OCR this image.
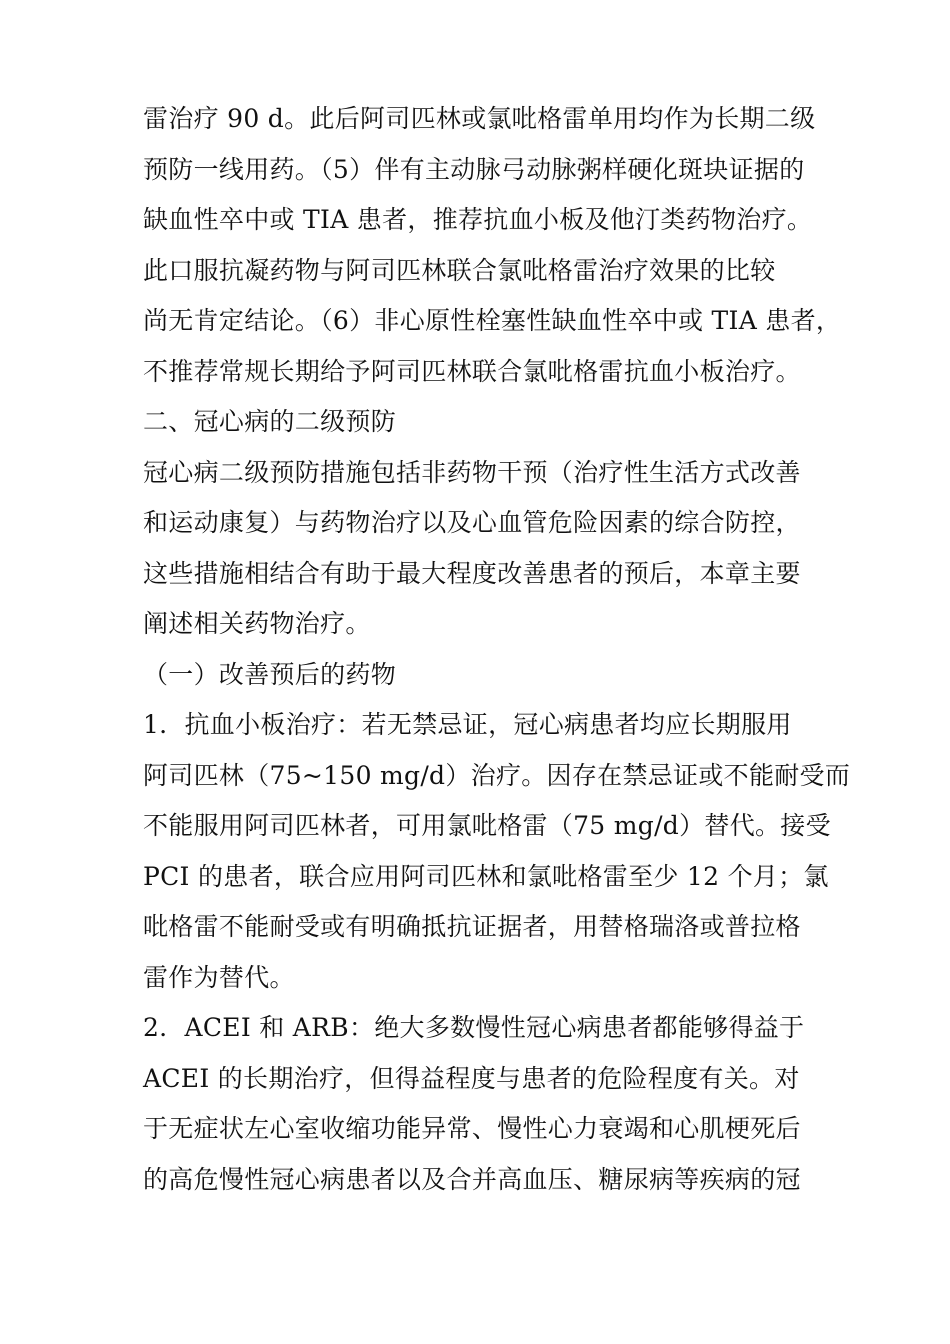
雷治疗 90 d。此后阿司匹林或氯吡格雷单用均作为长期二级
预防一线用药。（5）伴有主动脉弓动脉粥样硬化斑块证据的
缺血性卒中或 TIA 患者，推荐抗血小板及他汀类药物治疗。
此口服抗凝药物与阿司匹林联合氯吡格雷治疗效果的比较
尚无肯定结论。（6）非心原性栓塞性缺血性卒中或 TIA 患者，
不推荐常规长期给予阿司匹林联合氯吡格雷抗血小板治疗。
二、冠心病的二级预防
冠心病二级预防措施包括非药物干预（治疗性生活方式改善
和运动康复）与药物治疗以及心血管危险因素的综合防控，
这些措施相结合有助于最大程度改善患者的预后，本章主要
阐述相关药物治疗。
（一）改善预后的药物
1．抗血小板治疗：若无禁忌证，冠心病患者均应长期服用
阿司匹林（75~150 mg/d）治疗。因存在禁忌证或不能耐受而
不能服用阿司匹林者，可用氯吡格雷（75 mg/d）替代。接受
PCI 的患者，联合应用阿司匹林和氯吡格雷至少 12 个月；氯
吡格雷不能耐受或有明确抵抗证据者，用替格瑞洛或普拉格
雷作为替代。
2．ACEI 和 ARB：绝大多数慢性冠心病患者都能够得益于
ACEI 的长期治疗，但得益程度与患者的危险程度有关。对
于无症状左心室收缩功能异常、慢性心力衰竭和心肌梗死后
的高危慢性冠心病患者以及合并高血压、糖尿病等疾病的冠
